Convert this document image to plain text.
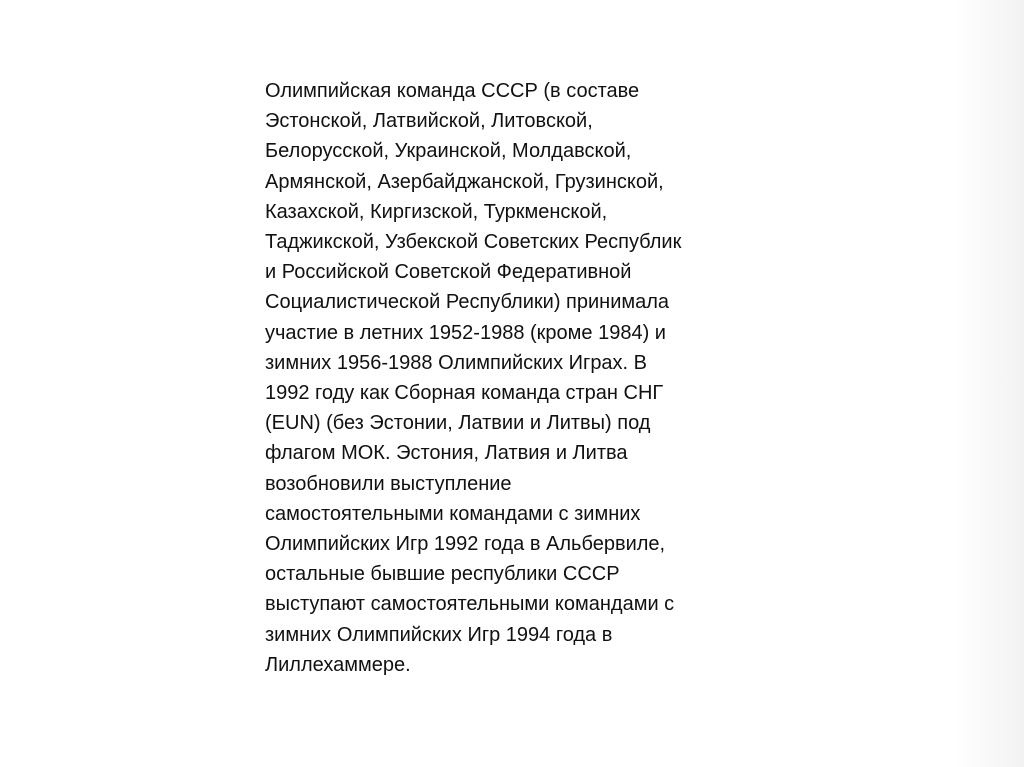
Олимпийская команда СССР (в составе
Эстонской, Латвийской, Литовской,
Белорусской, Украинской, Молдавской,
Армянской, Азербайджанской, Грузинской,
Казахской, Киргизской, Туркменской,
Таджикской, Узбекской Советских Республик
и Российской Советской Федеративной
Социалистической Республики) принимала
участие в летних 1952-1988 (кроме 1984) и
зимних 1956-1988 Олимпийских Играх. В
1992 году как Сборная команда стран СНГ
(EUN) (без Эстонии, Латвии и Литвы) под
флагом МОК. Эстония, Латвия и Литва
возобновили выступление
самостоятельными командами с зимних
Олимпийских Игр 1992 года в Альбервиле,
остальные бывшие республики СССР
выступают самостоятельными командами с
зимних Олимпийских Игр 1994 года в
Лиллехаммере.
